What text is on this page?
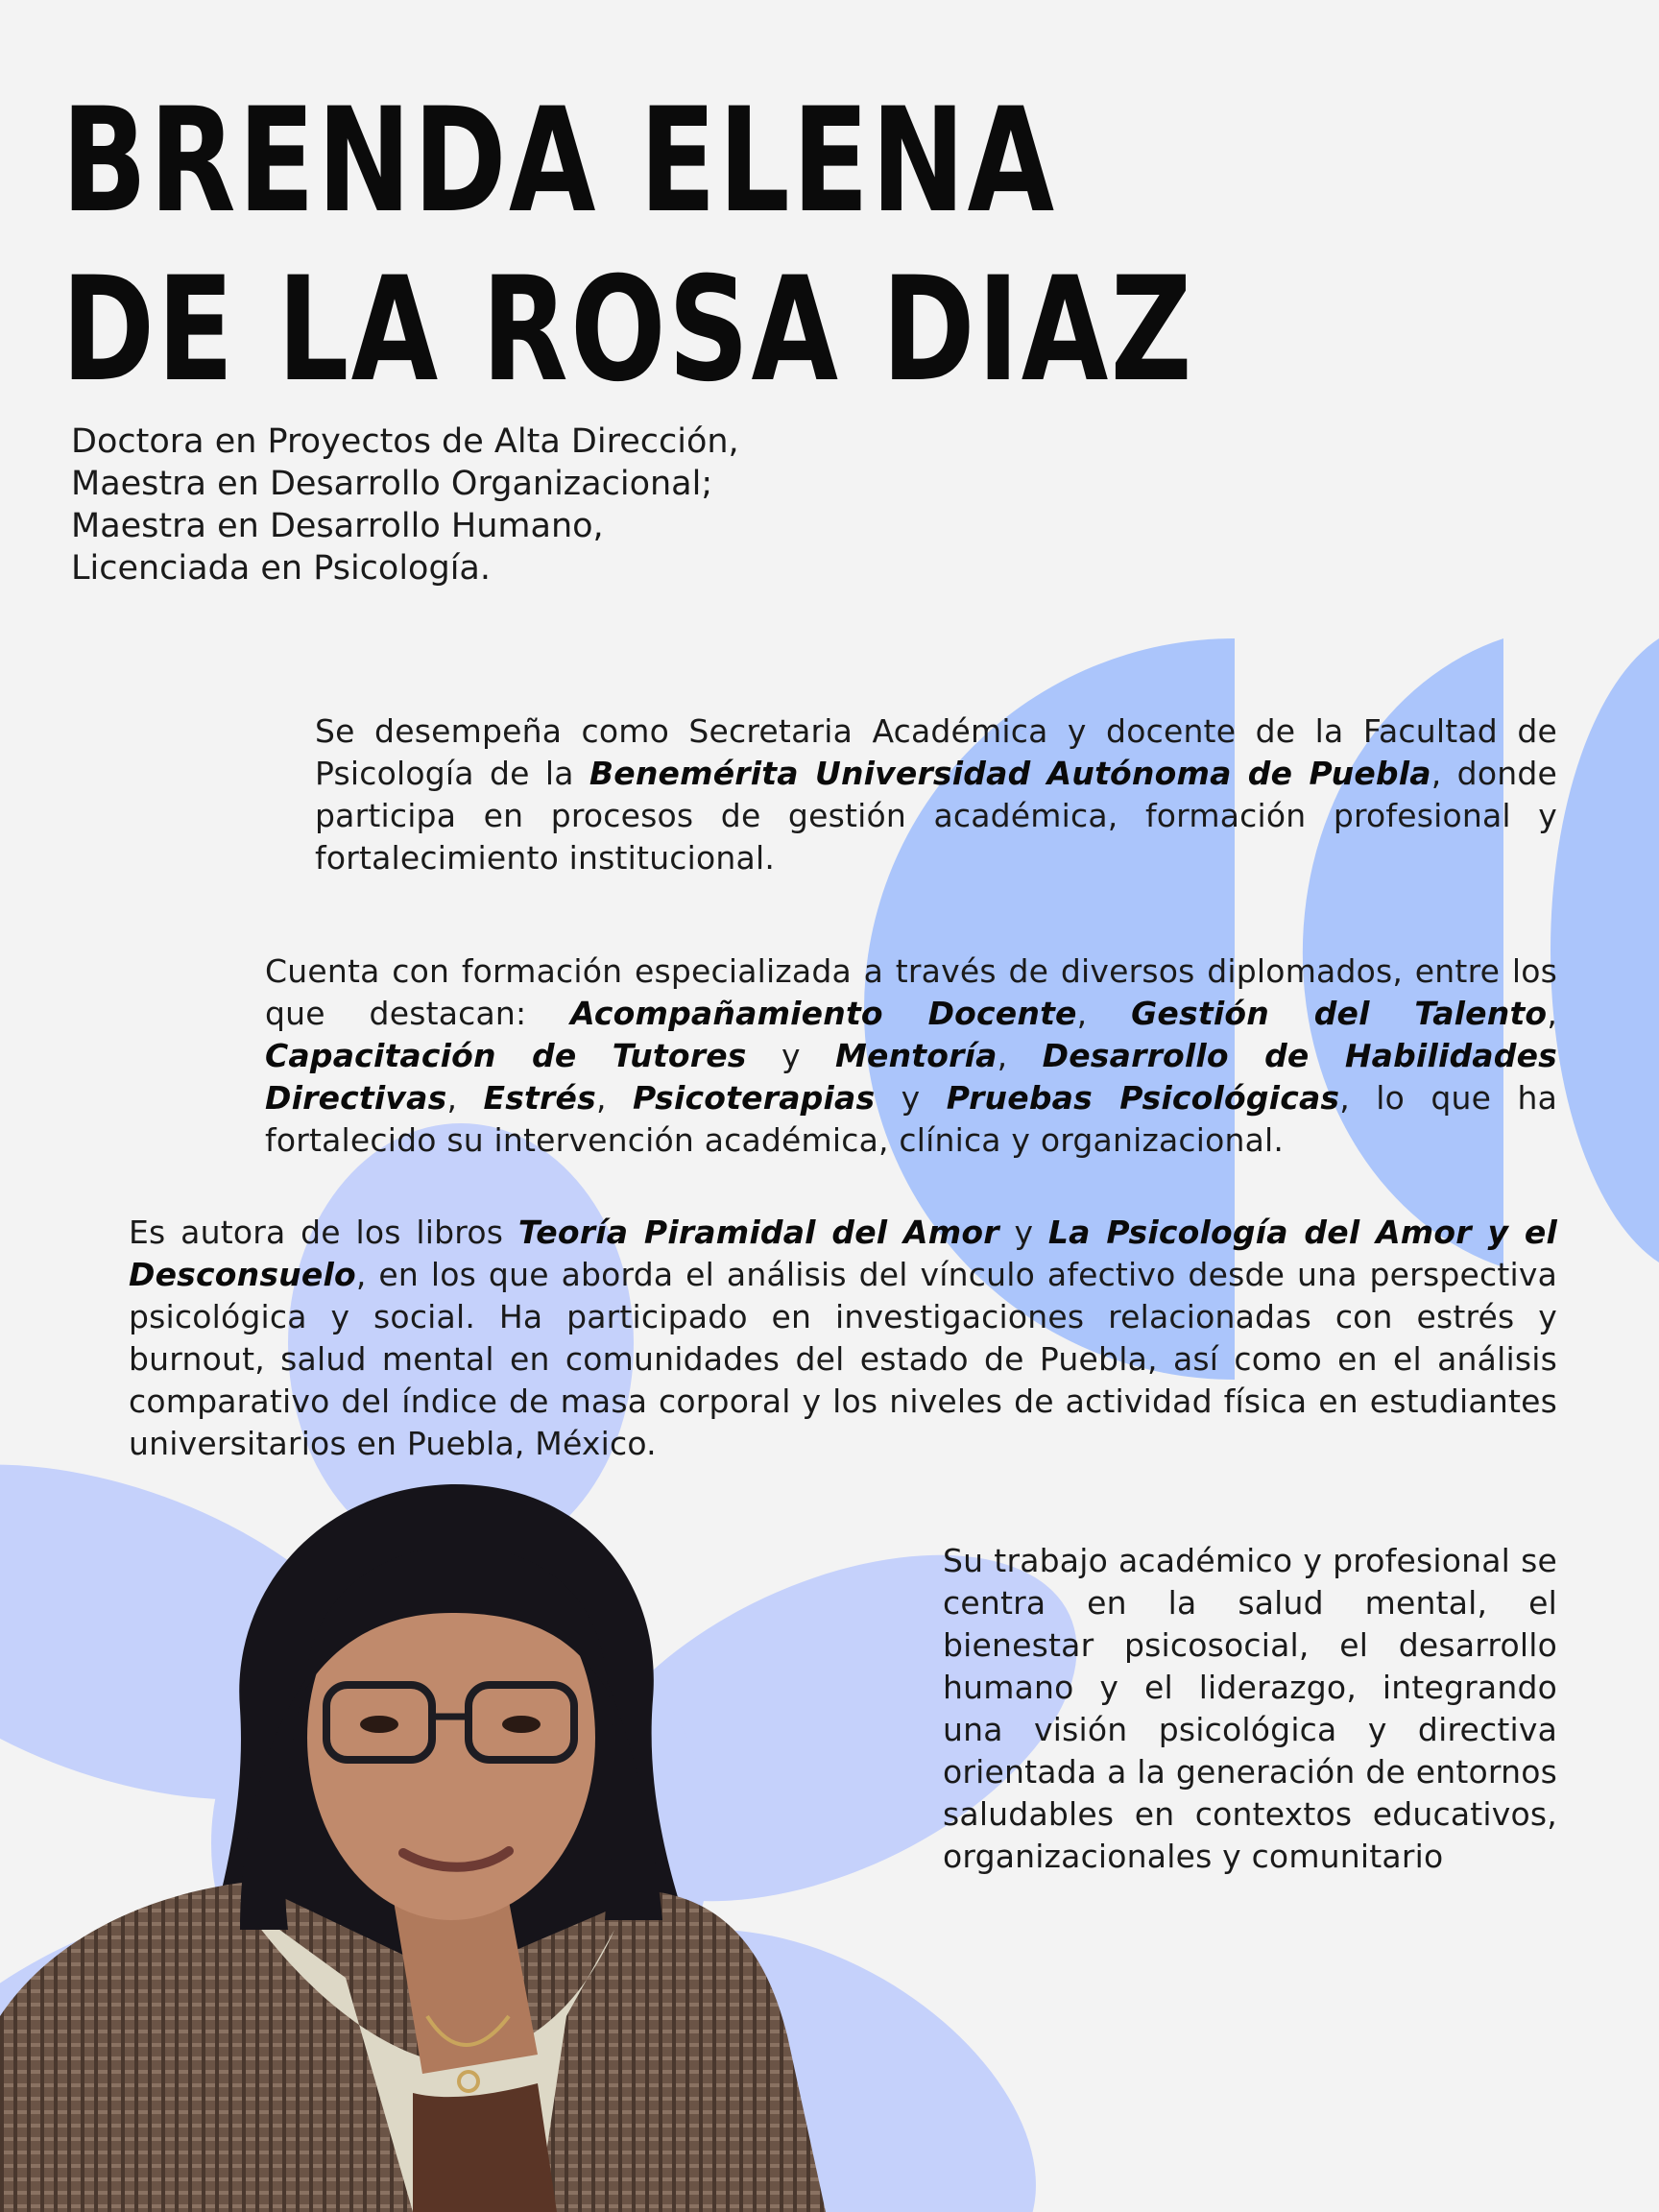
BRENDA ELENA
DE LA ROSA DIAZ
Doctora en Proyectos de Alta Dirección,
Maestra en Desarrollo Organizacional;
Maestra en Desarrollo Humano,
Licenciada en Psicología.

Se desempeña como Secretaria Académica y docente de la Facultad de Psicología de la Benemérita Universidad Autónoma de Puebla, donde participa en procesos de gestión académica, formación profesional y fortalecimiento institucional.

Cuenta con formación especializada a través de diversos diplomados, entre los que destacan: Acompañamiento Docente, Gestión del Talento, Capacitación de Tutores y Mentoría, Desarrollo de Habilidades Directivas, Estrés, Psicoterapias y Pruebas Psicológicas, lo que ha fortalecido su intervención académica, clínica y organizacional.

Es autora de los libros Teoría Piramidal del Amor y La Psicología del Amor y el Desconsuelo, en los que aborda el análisis del vínculo afectivo desde una perspectiva psicológica y social. Ha participado en investigaciones relacionadas con estrés y burnout, salud mental en comunidades del estado de Puebla, así como en el análisis comparativo del índice de masa corporal y los niveles de actividad física en estudiantes universitarios en Puebla, México.

Su trabajo académico y profesional se centra en la salud mental, el bienestar psicosocial, el desarrollo humano y el liderazgo, integrando una visión psicológica y directiva orientada a la generación de entornos saludables en contextos educativos, organizacionales y comunitario
